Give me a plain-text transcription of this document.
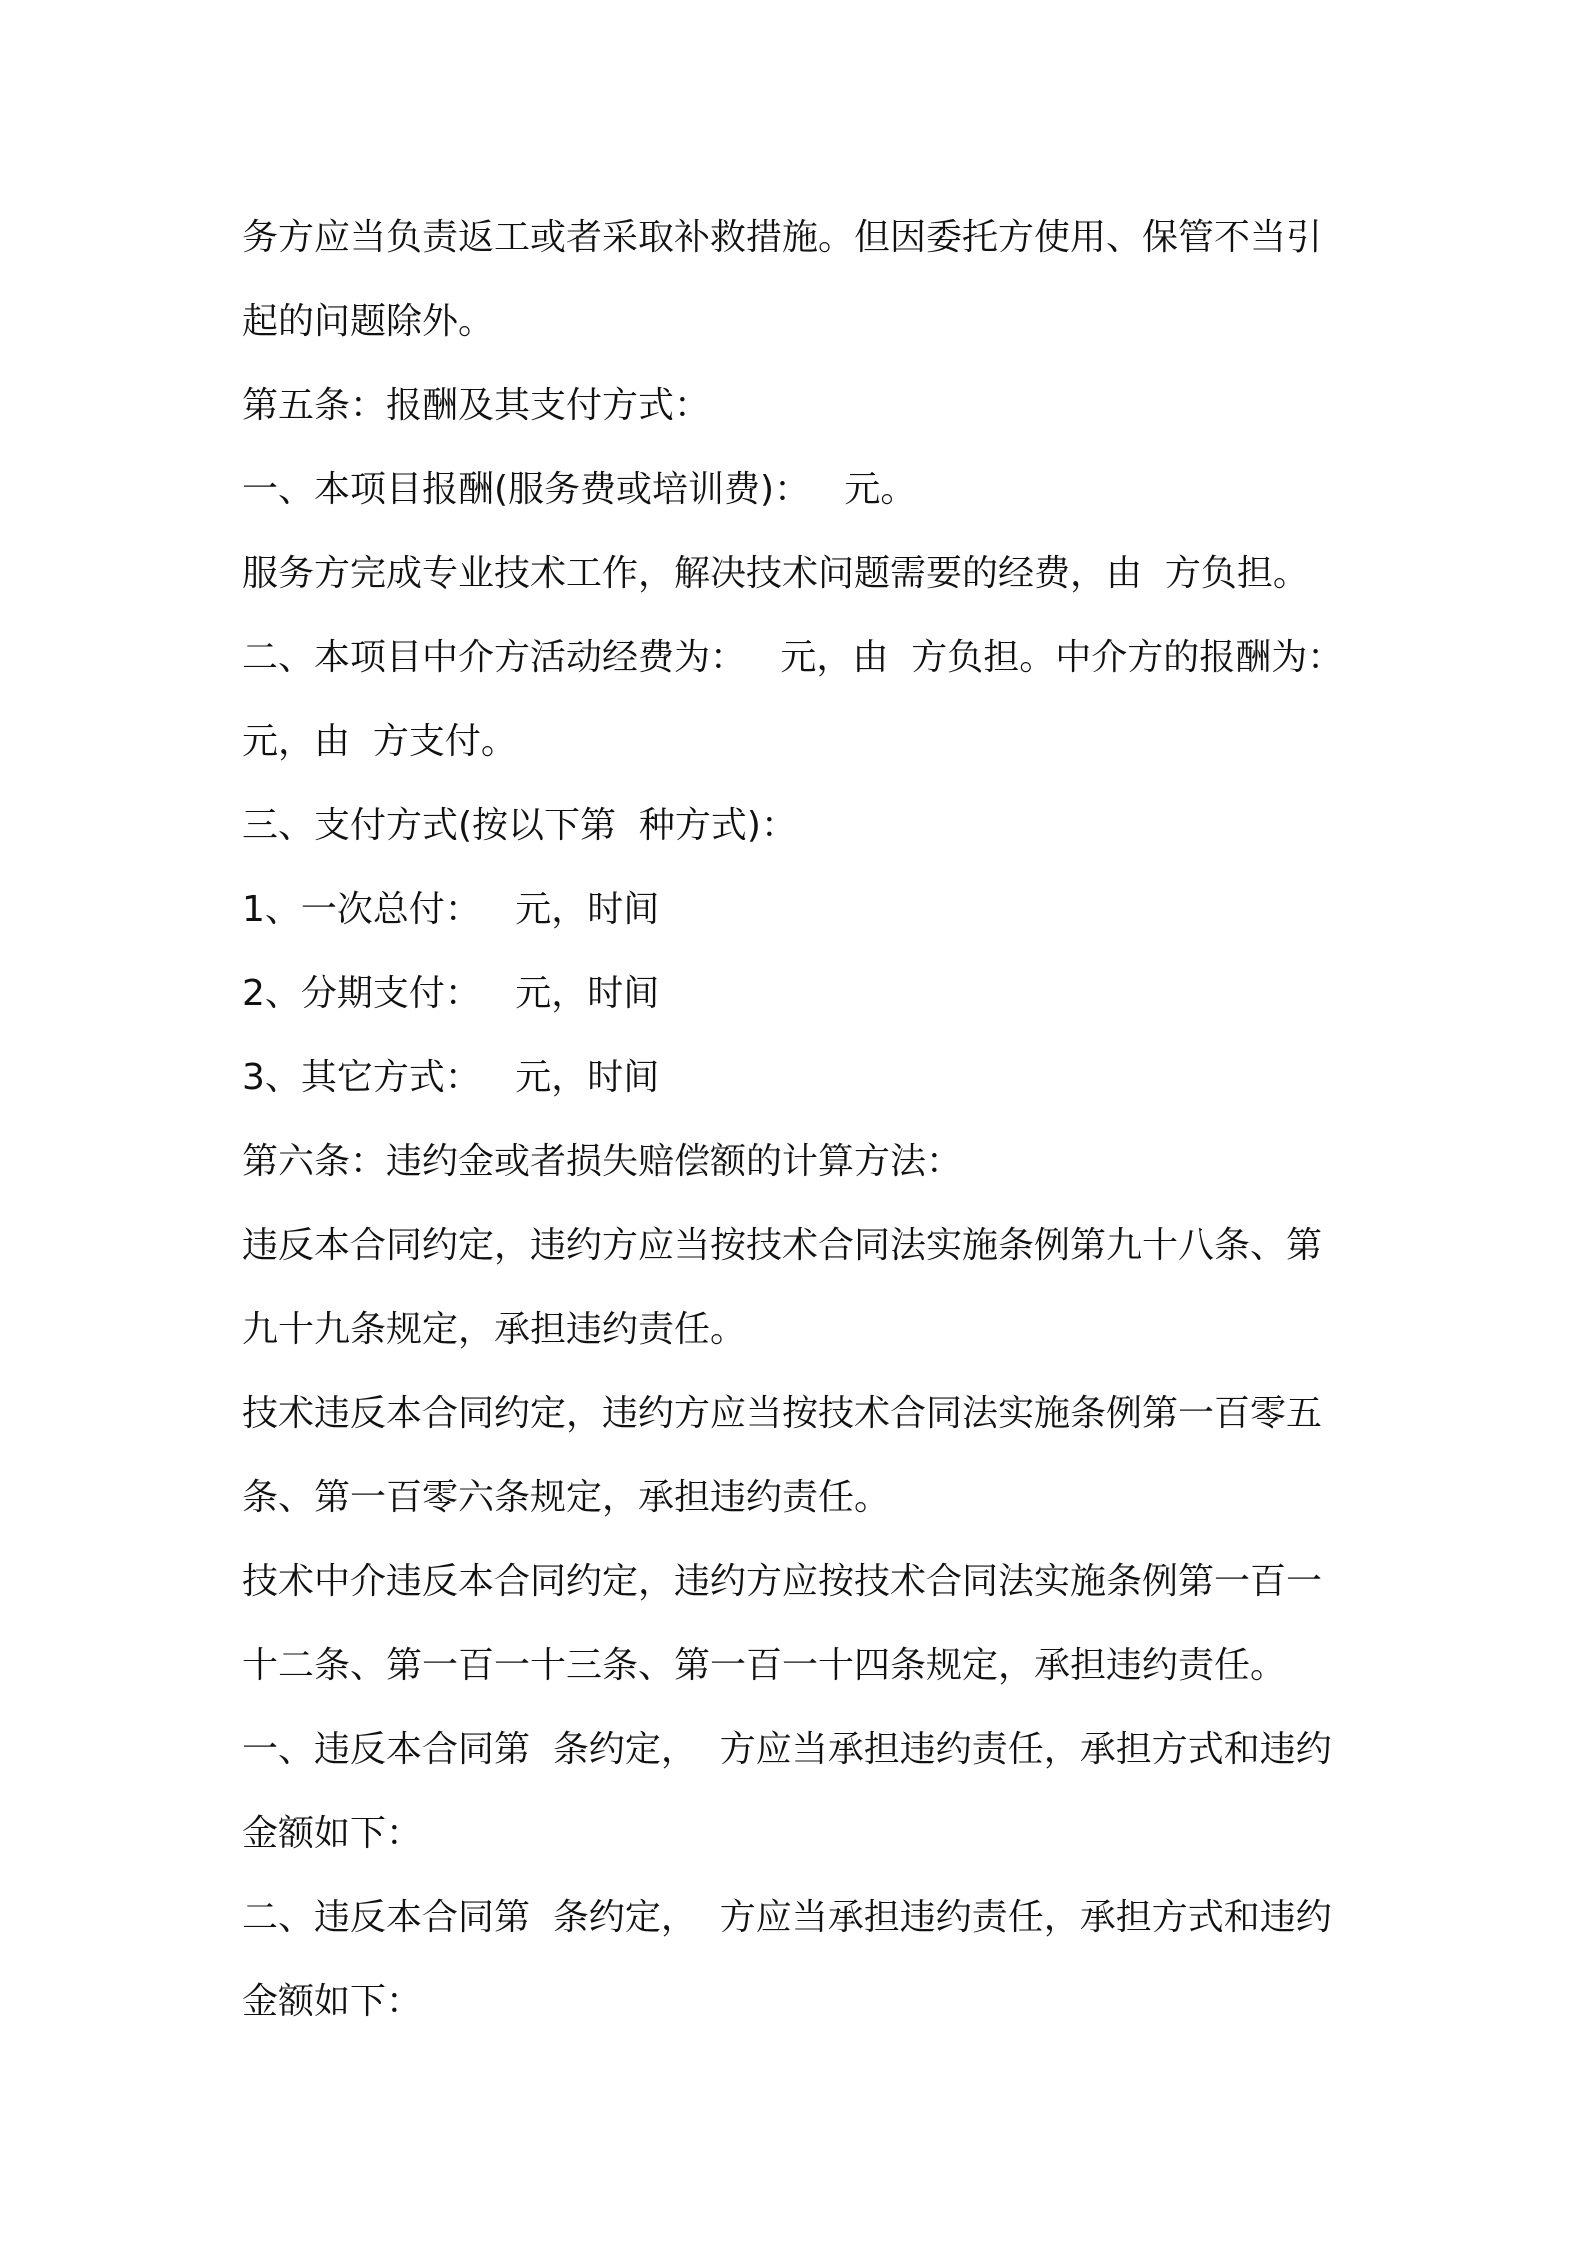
务方应当负责返工或者采取补救措施。但因委托方使用、保管不当引

起的问题除外。

第五条：报酬及其支付方式：

一、本项目报酬(服务费或培训费)：   元。

服务方完成专业技术工作，解决技术问题需要的经费，由  方负担。

二、本项目中介方活动经费为：   元，由  方负担。中介方的报酬为：

元，由  方支付。

三、支付方式(按以下第  种方式)：

1、一次总付：   元，时间

2、分期支付：   元，时间

3、其它方式：   元，时间

第六条：违约金或者损失赔偿额的计算方法：

违反本合同约定，违约方应当按技术合同法实施条例第九十八条、第

九十九条规定，承担违约责任。

技术违反本合同约定，违约方应当按技术合同法实施条例第一百零五

条、第一百零六条规定，承担违约责任。

技术中介违反本合同约定，违约方应按技术合同法实施条例第一百一

十二条、第一百一十三条、第一百一十四条规定，承担违约责任。

一、违反本合同第  条约定，  方应当承担违约责任，承担方式和违约

金额如下：

二、违反本合同第  条约定，  方应当承担违约责任，承担方式和违约

金额如下：
